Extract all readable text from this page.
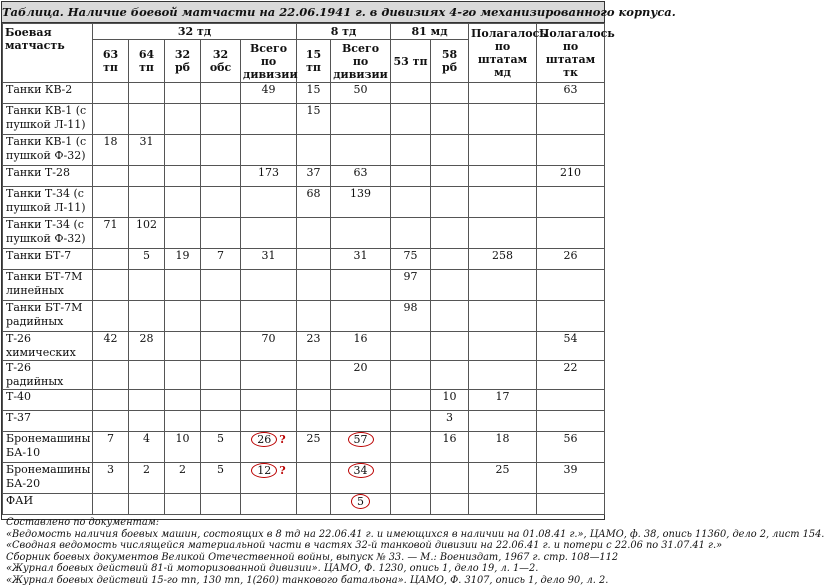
Таблица. Наличие боевой матчасти на 22.06.1941 г. в дивизиях 4-го механизированного корпуса.
Боевая матчасть	32 тд					8 тд		81 мд		Полагалось по штатам мд	Полагалось по штатам тк
	63 тп	64 тп	32 рб	32 обс	Всего по дивизии	15 тп	Всего по дивизии	53 тп	58 рб		
Танки КВ-2					49	15	50				63
Танки КВ-1 (с пушкой Л-11)						15					
Танки КВ-1 (с пушкой Ф-32)	18	31									
Танки Т-28					173	37	63				210
Танки Т-34 (с пушкой Л-11)						68	139				
Танки Т-34 (с пушкой Ф-32)	71	102									
Танки БТ-7		5	19	7	31		31	75		258	26
Танки БТ-7М линейных								97			
Танки БТ-7М радийных								98			
Т-26 химических	42	28			70	23	16				54
Т-26 радийных							20				22
Т-40									10	17	
Т-37									3		
Бронемашины БА-10	7	4	10	5	26 ?	25	57		16	18	56
Бронемашины БА-20	3	2	2	5	12 ?		34			25	39
ФАИ							5				
Составлено по документам:
«Ведомость наличия боевых машин, состоящих в 8 тд на 22.06.41 г. и имеющихся в наличии на 01.08.41 г.», ЦАМО, ф. 38, опись 11360, дело 2, лист 154.
«Сводная ведомость числящейся материальной части в частях 32-й танковой дивизии на 22.06.41 г. и потери с 22.06 по 31.07.41 г.»
Сборник боевых документов Великой Отечественной войны, выпуск № 33. — М.: Воениздат, 1967 г. стр. 108—112
«Журнал боевых действий 81-й моторизованной дивизии». ЦАМО, Ф. 1230, опись 1, дело 19, л. 1—2.
«Журнал боевых действий 15-го тп, 130 тп, 1(260) танкового батальона». ЦАМО, Ф. 3107, опись 1, дело 90, л. 2.
